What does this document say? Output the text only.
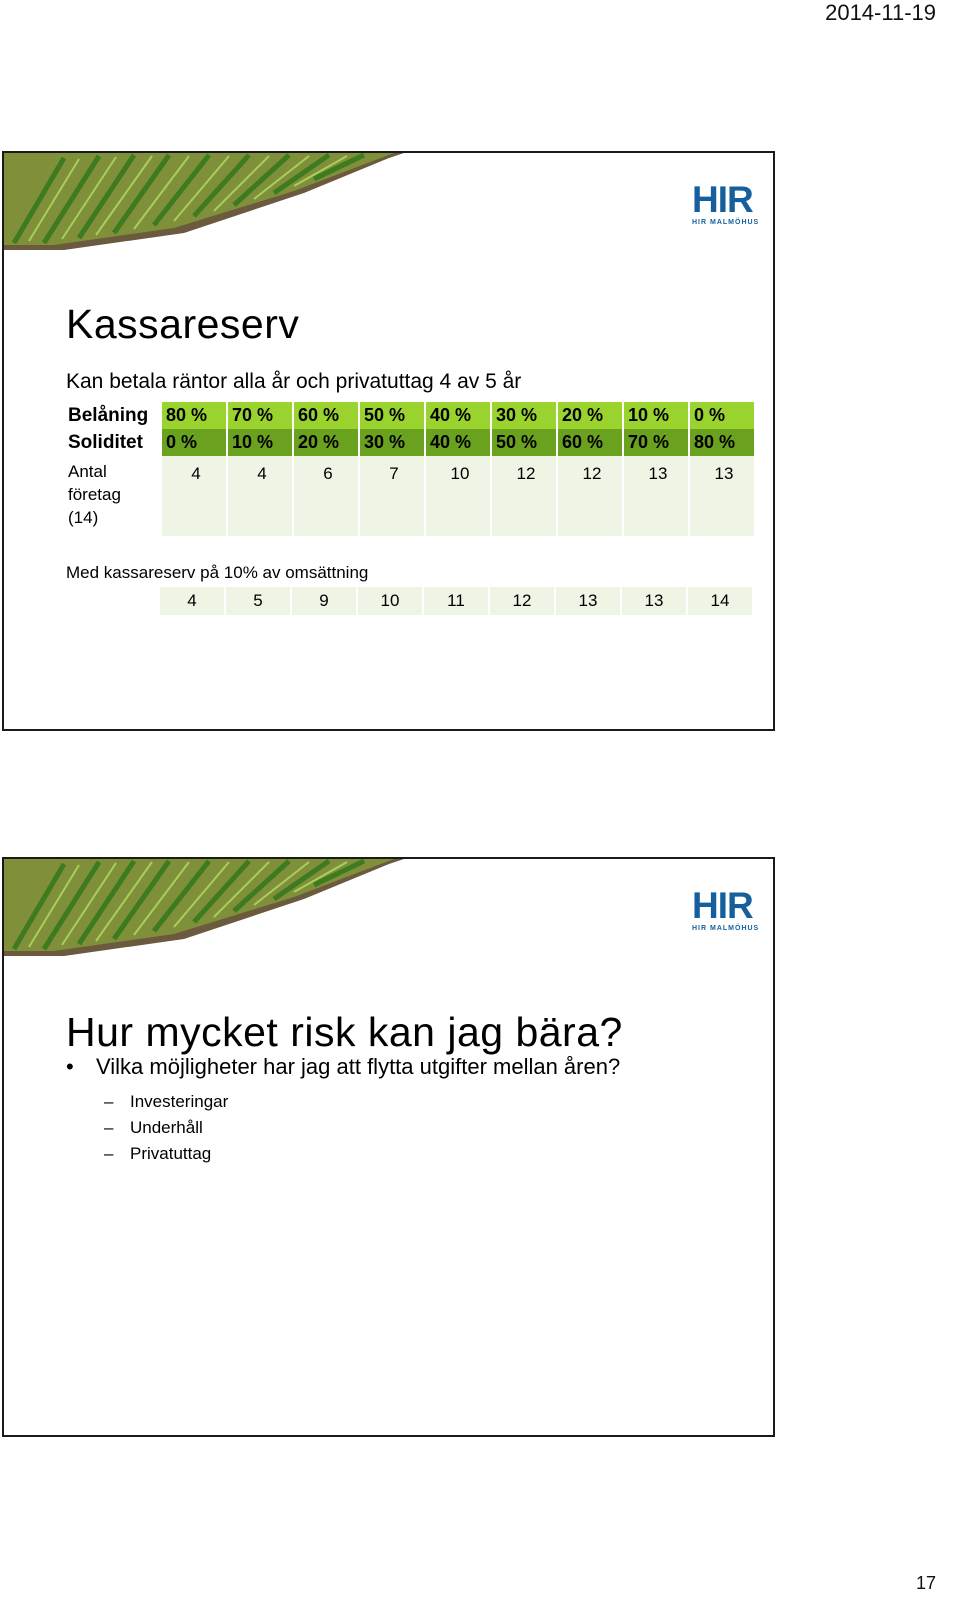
2014-11-19
HIR
HIR MALMÖHUS
Kassareserv
Kan betala räntor alla år och privatuttag 4 av 5 år
Belåning	80 %	70 %	60 %	50 %	40 %	30 %	20 %	10 %	0 %
Soliditet	0 %	10 %	20 %	30 %	40 %	50 %	60 %	70 %	80 %
Antal
företag
(14)	4	4	6	7	10	12	12	13	13
Med kassareserv på 10% av omsättning
4	5	9	10	11	12	13	13	14
HIR
HIR MALMÖHUS
Hur mycket risk kan jag bära?
• Vilka möjligheter har jag att flytta utgifter mellan åren?
– Investeringar
– Underhåll
– Privatuttag
17
